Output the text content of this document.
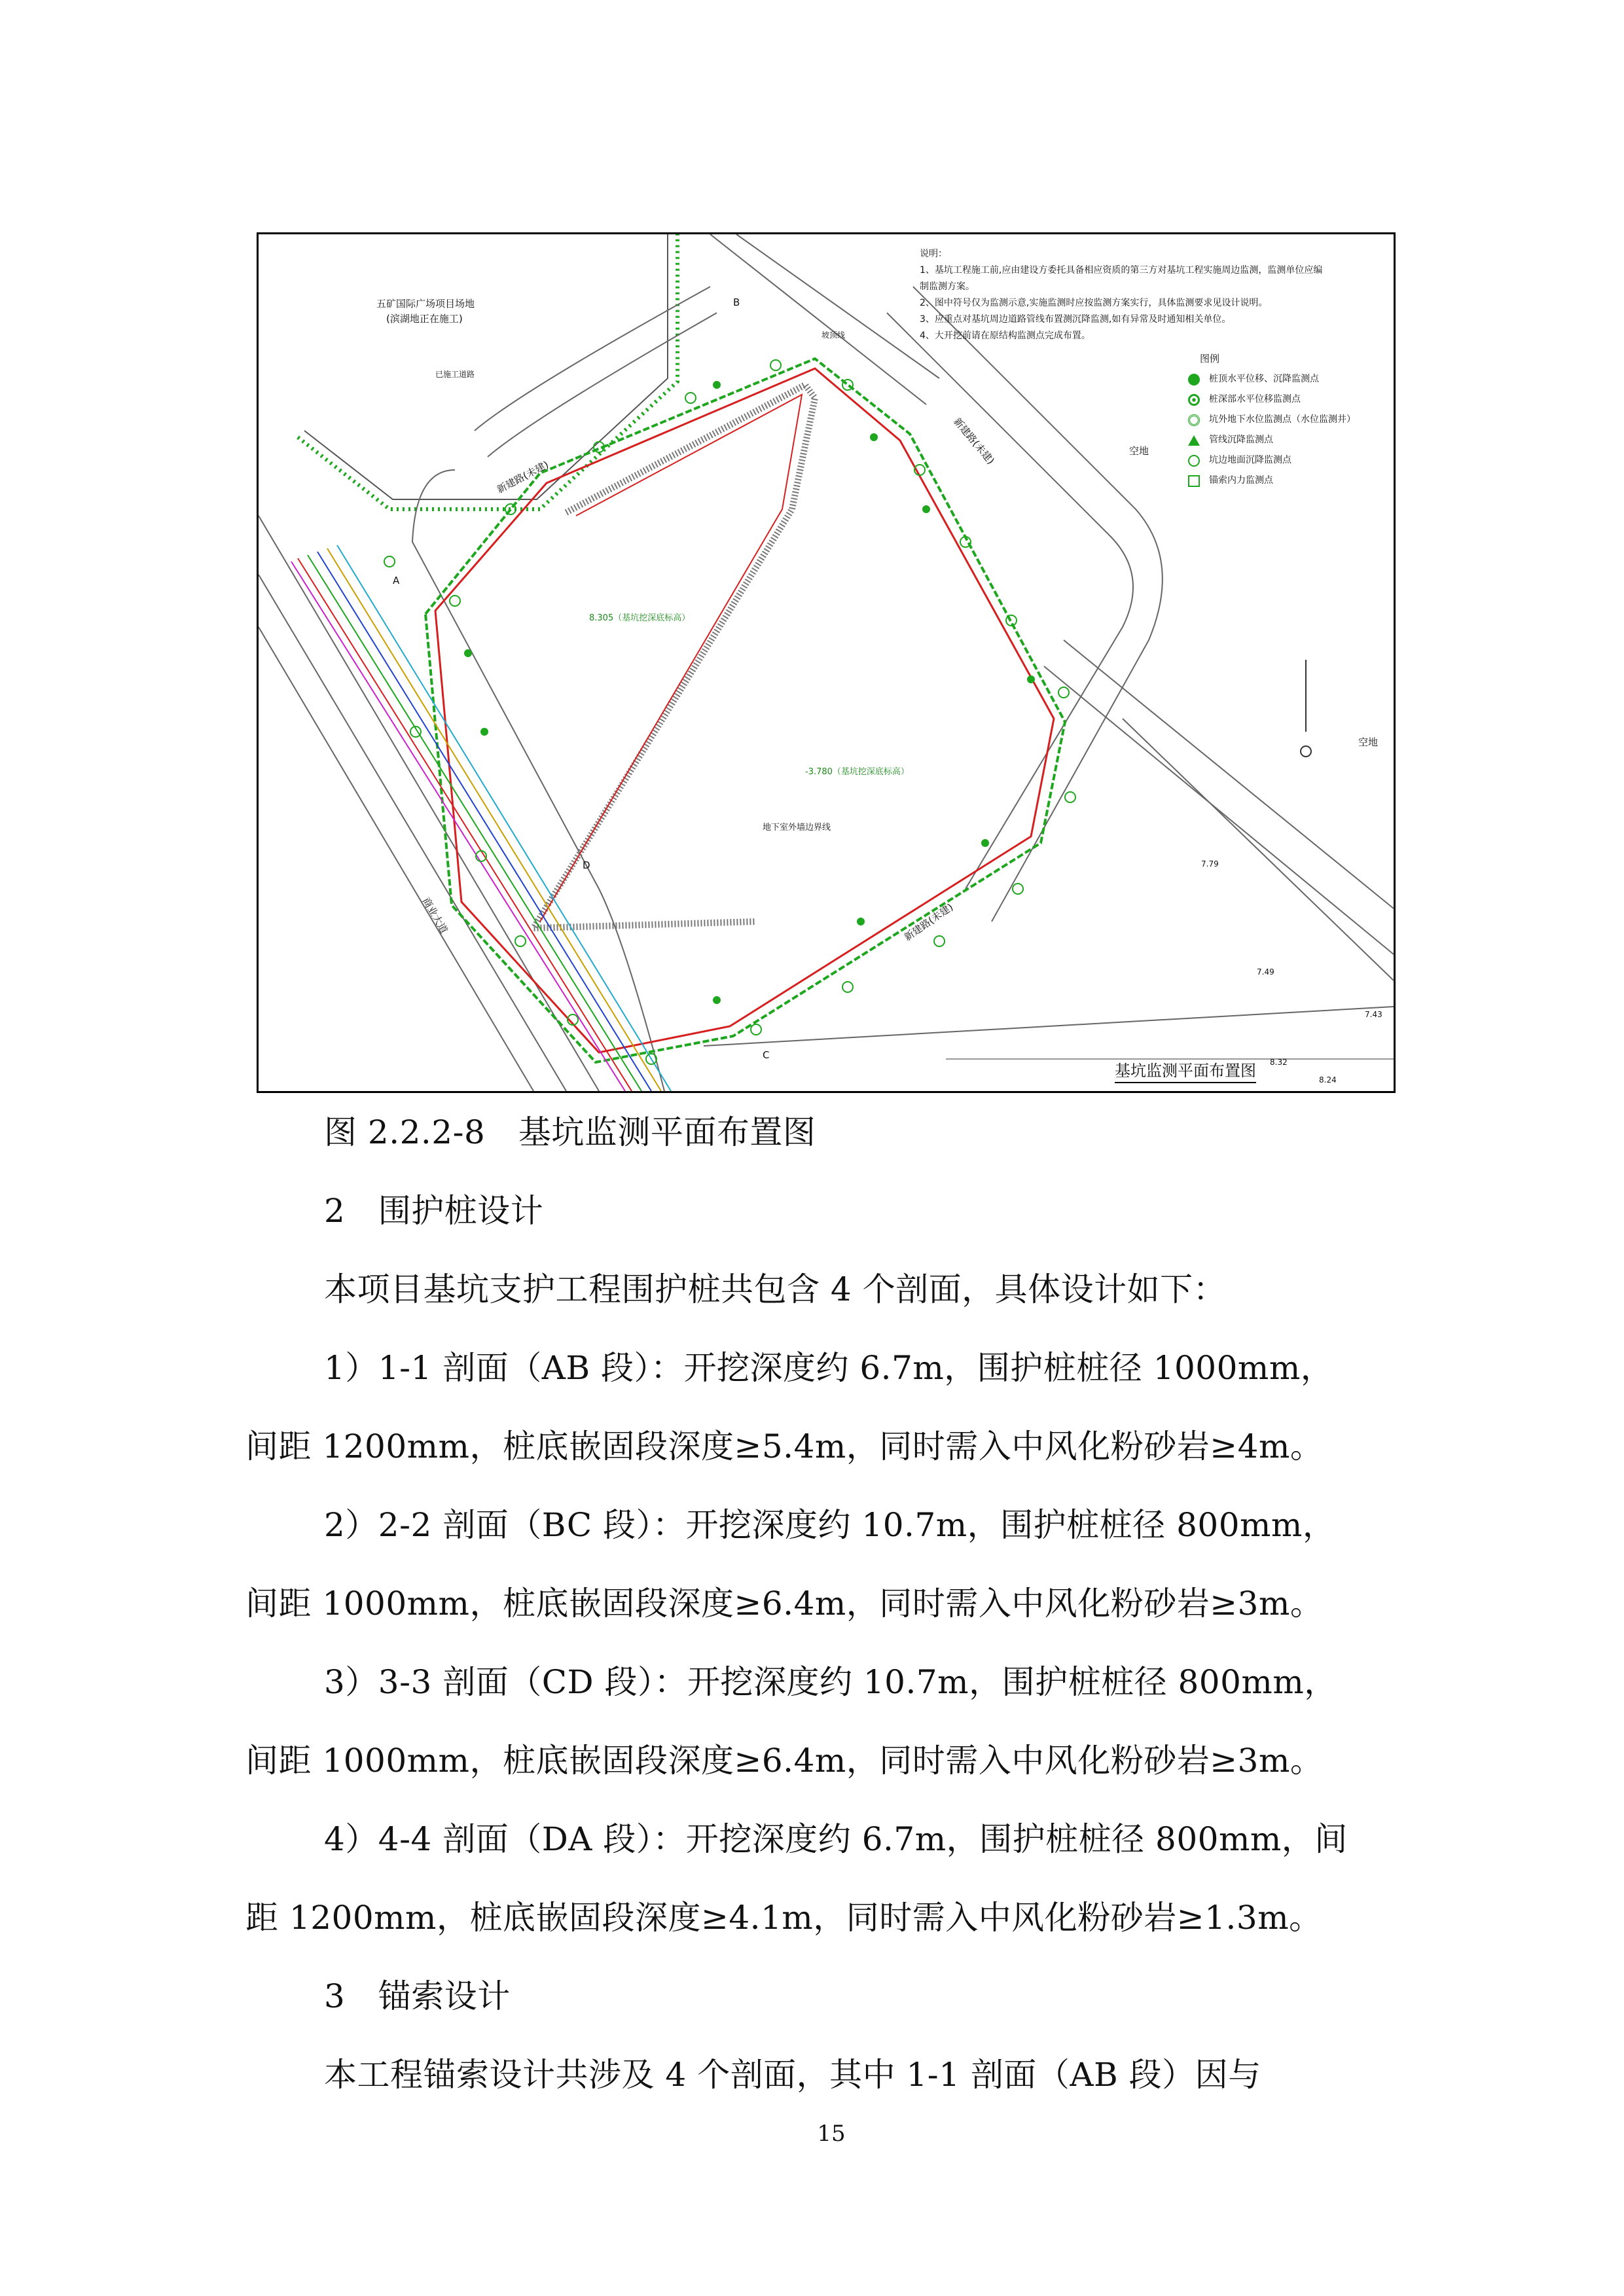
说明：
1、基坑工程施工前,应由建设方委托具备相应资质的第三方对基坑工程实施周边监测，监测单位应编
制监测方案。
2、图中符号仅为监测示意,实施监测时应按监测方案实行，具体监测要求见设计说明。
3、应重点对基坑周边道路管线布置测沉降监测,如有异常及时通知相关单位。
4、大开挖前请在原结构监测点完成布置。
图例
桩顶水平位移、沉降监测点
桩深部水平位移监测点
坑外地下水位监测点（水位监测井）
管线沉降监测点
坑边地面沉降监测点
锚索内力监测点
五矿国际广场项目场地
(滨湖地正在施工)
已施工道路
新建路(未建)
新建路(未建)
新建路(未建)
商业大道
空地
空地
8.305（基坑挖深底标高）
-3.780（基坑挖深底标高）
地下室外墙边界线
坡顶线
A
B
C
D	7.79
7.49
7.43
8.24
8.32
基坑监测平面布置图
图 2.2.2-8　基坑监测平面布置图
2　围护桩设计
本项目基坑支护工程围护桩共包含 4 个剖面，具体设计如下：
1）1-1 剖面（AB 段）：开挖深度约 6.7m，围护桩桩径 1000mm，
间距 1200mm，桩底嵌固段深度≥5.4m，同时需入中风化粉砂岩≥4m。
2）2-2 剖面（BC 段）：开挖深度约 10.7m，围护桩桩径 800mm，
间距 1000mm，桩底嵌固段深度≥6.4m，同时需入中风化粉砂岩≥3m。
3）3-3 剖面（CD 段）：开挖深度约 10.7m，围护桩桩径 800mm，
间距 1000mm，桩底嵌固段深度≥6.4m，同时需入中风化粉砂岩≥3m。
4）4-4 剖面（DA 段）：开挖深度约 6.7m，围护桩桩径 800mm，间
距 1200mm，桩底嵌固段深度≥4.1m，同时需入中风化粉砂岩≥1.3m。
3　锚索设计
本工程锚索设计共涉及 4 个剖面，其中 1-1 剖面（AB 段）因与
15
